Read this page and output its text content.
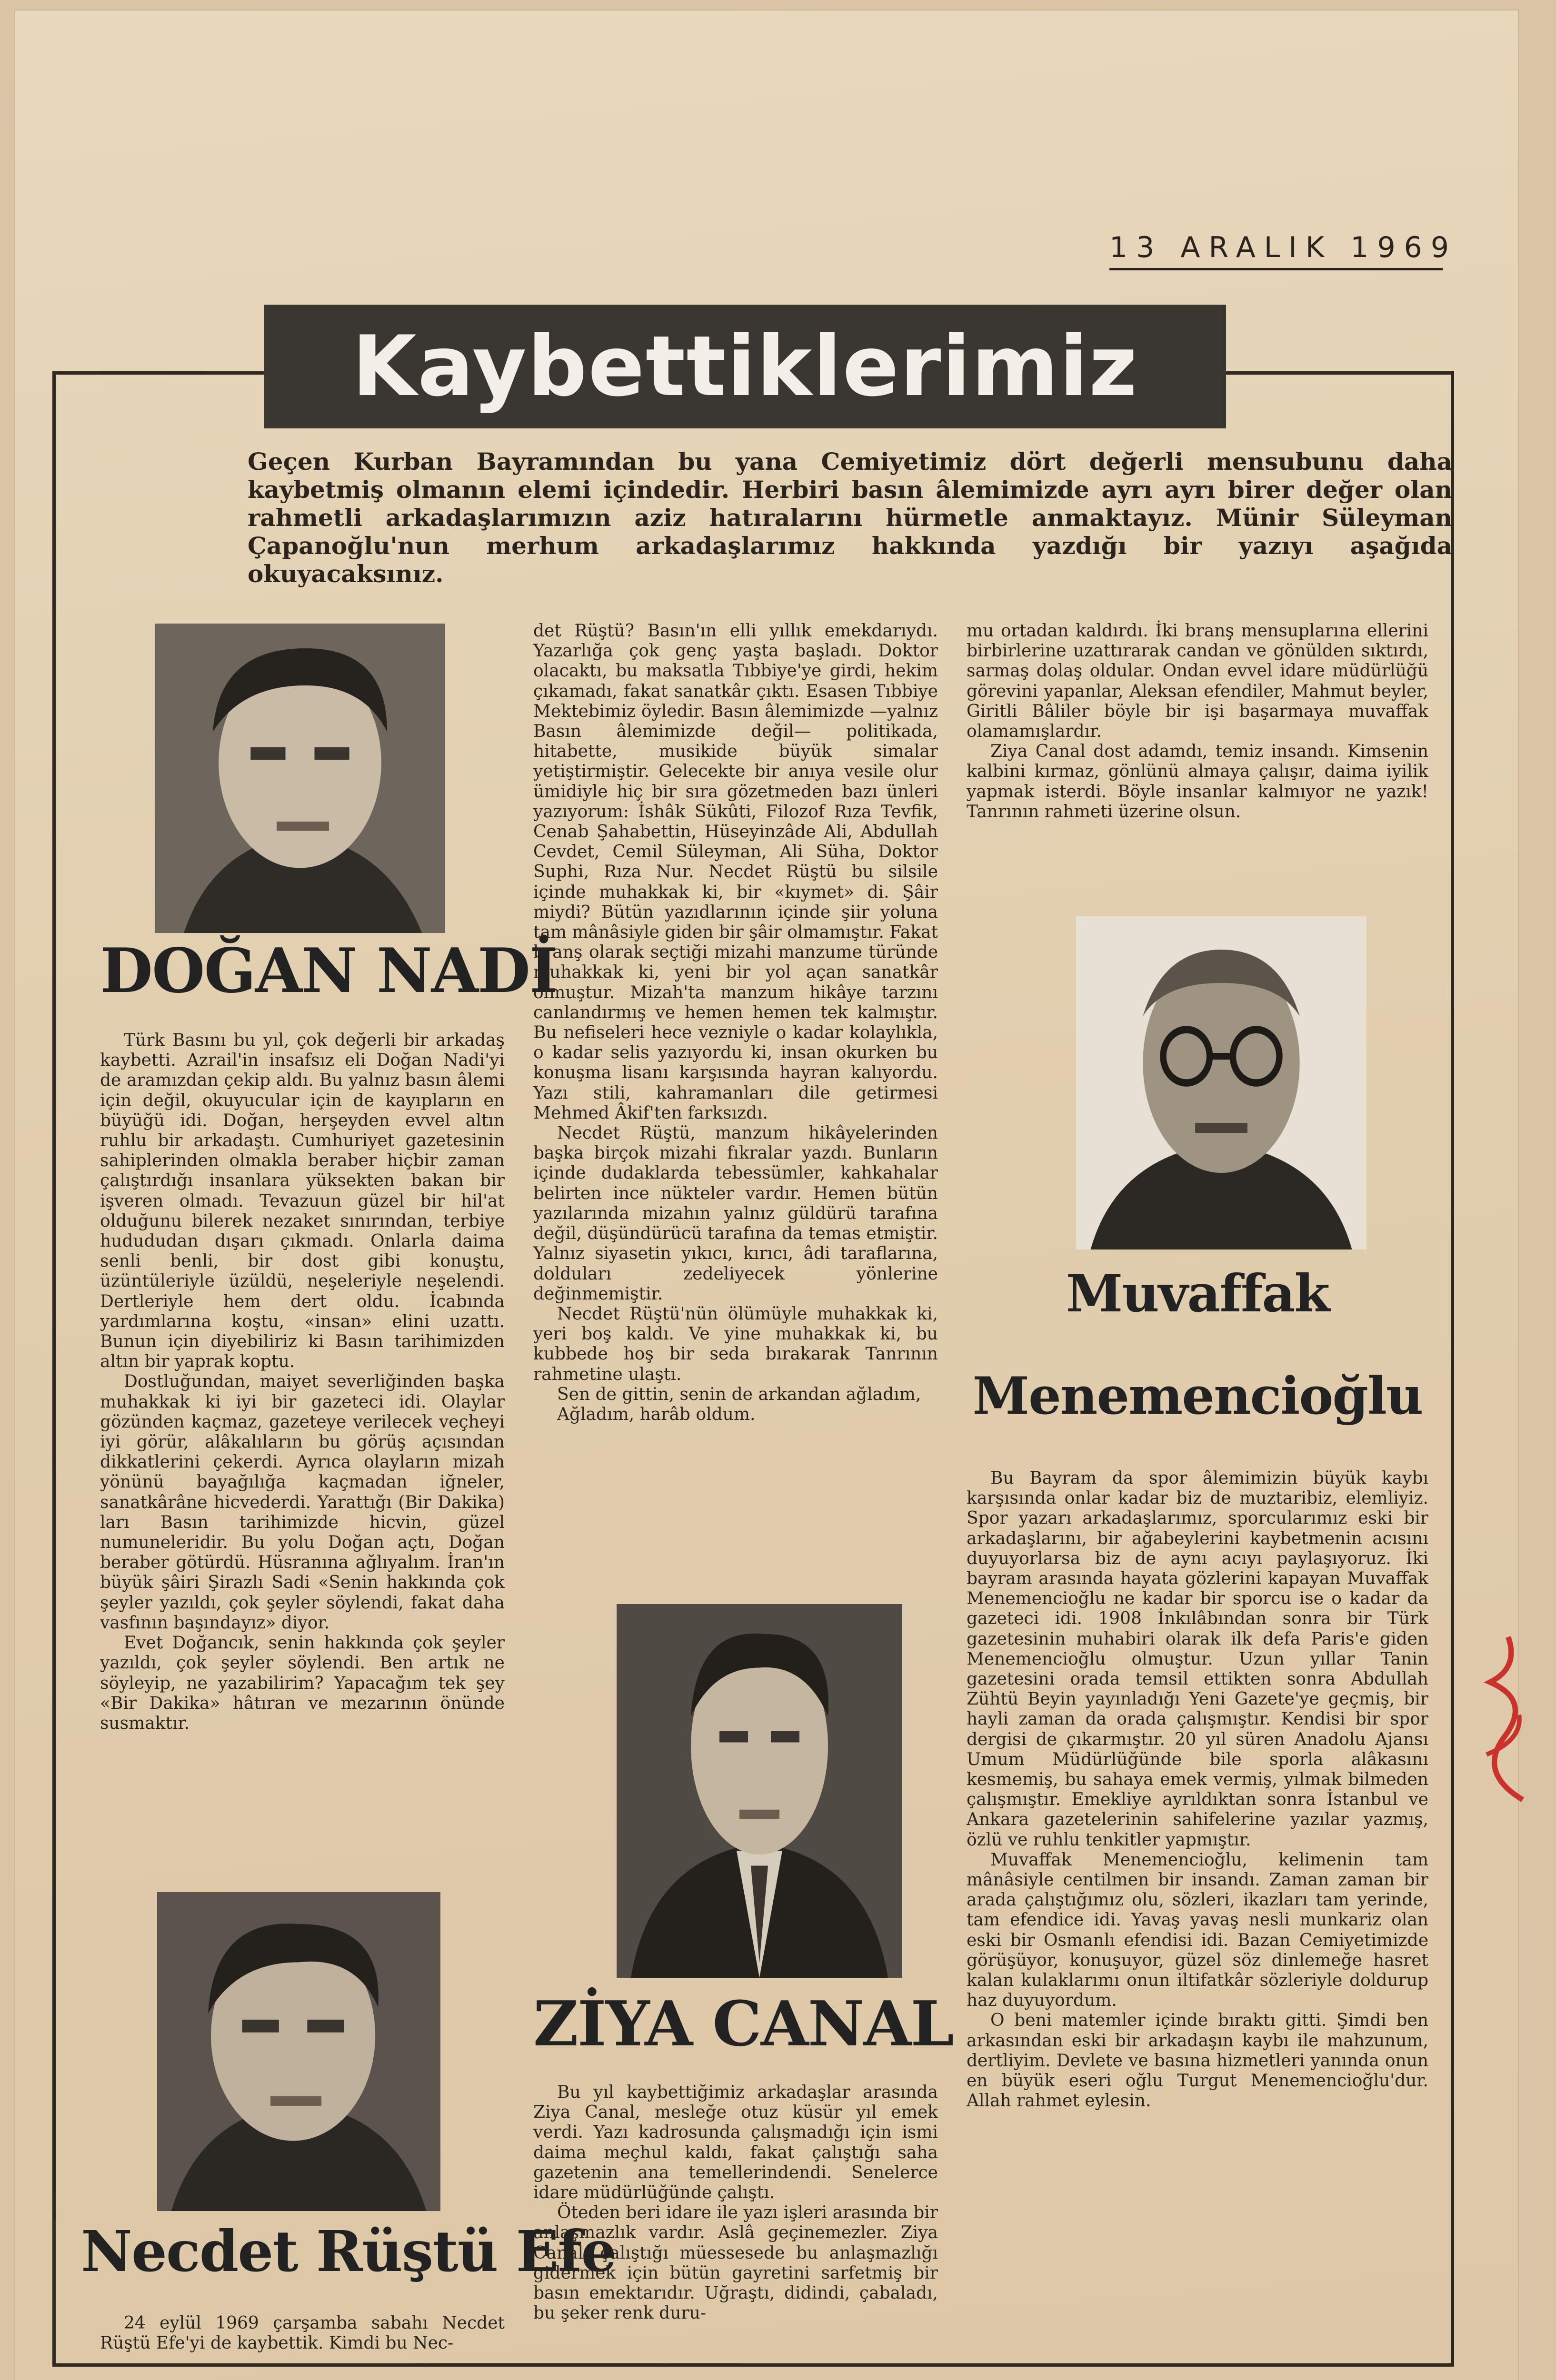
13 ARALIK 1969
Kaybettiklerimiz
Geçen Kurban Bayramından bu yana Cemiyetimiz dört değerli mensubunu daha kaybetmiş olmanın elemi içindedir. Herbiri basın âlemimizde ayrı ayrı birer değer olan rahmetli arkadaşlarımızın aziz hatıralarını hürmetle anmaktayız. Münir Süleyman Çapanoğlu'nun merhum arkadaşlarımız hakkında yazdığı bir yazıyı aşağıda okuyacaksınız.
DOĞAN NADİ

Türk Basını bu yıl, çok değerli bir arkadaş kaybetti. Azrail'in insafsız eli Doğan Nadi'yi de aramızdan çekip aldı. Bu yalnız basın âlemi için değil, okuyucular için de kayıpların en büyüğü idi. Doğan, herşeyden evvel altın ruhlu bir arkadaştı. Cumhuriyet gazetesinin sahiplerinden olmakla beraber hiçbir zaman çalıştırdığı insanlara yüksekten bakan bir işveren olmadı. Tevazuun güzel bir hil'at olduğunu bilerek nezaket sınırından, terbiye hudududan dışarı çıkmadı. Onlarla daima senli benli, bir dost gibi konuştu, üzüntüleriyle üzüldü, neşeleriyle neşelendi. Dertleriyle hem dert oldu. İcabında yardımlarına koştu, «insan» elini uzattı. Bunun için diyebiliriz ki Basın tarihimizden altın bir yaprak koptu.

Dostluğundan, maiyet severliğinden başka muhakkak ki iyi bir gazeteci idi. Olaylar gözünden kaçmaz, gazeteye verilecek veçheyi iyi görür, alâkalıların bu görüş açısından dikkatlerini çekerdi. Ayrıca olayların mizah yönünü bayağılığa kaçmadan iğneler, sanatkârâne hicvederdi. Yarattığı (Bir Dakika) ları Basın tarihimizde hicvin, güzel numuneleridir. Bu yolu Doğan açtı, Doğan beraber götürdü. Hüsranına ağlıyalım. İran'ın büyük şâiri Şirazlı Sadi «Senin hakkında çok şeyler yazıldı, çok şeyler söylendi, fakat daha vasfının başındayız» diyor.

Evet Doğancık, senin hakkında çok şeyler yazıldı, çok şeyler söylendi. Ben artık ne söyleyip, ne yazabilirim? Yapacağım tek şey «Bir Dakika» hâtıran ve mezarının önünde susmaktır.

Necdet Rüştü Efe

24 eylül 1969 çarşamba sabahı Necdet Rüştü Efe'yi de kaybettik. Kimdi bu Nec-

det Rüştü? Basın'ın elli yıllık emekdarıydı. Yazarlığa çok genç yaşta başladı. Doktor olacaktı, bu maksatla Tıbbiye'ye girdi, hekim çıkamadı, fakat sanatkâr çıktı. Esasen Tıbbiye Mektebimiz öyledir. Basın âlemimizde —yalnız Basın âlemimizde değil— politikada, hitabette, musikide büyük simalar yetiştirmiştir. Gelecekte bir anıya vesile olur ümidiyle hiç bir sıra gözetmeden bazı ünleri yazıyorum: İshâk Sükûti, Filozof Rıza Tevfik, Cenab Şahabettin, Hüseyinzâde Ali, Abdullah Cevdet, Cemil Süleyman, Ali Süha, Doktor Suphi, Rıza Nur. Necdet Rüştü bu silsile içinde muhakkak ki, bir «kıymet» di. Şâir miydi? Bütün yazıdlarının içinde şiir yoluna tam mânâsiyle giden bir şâir olmamıştır. Fakat branş olarak seçtiği mizahi manzume türünde muhakkak ki, yeni bir yol açan sanatkâr olmuştur. Mizah'ta manzum hikâye tarzını canlandırmış ve hemen hemen tek kalmıştır. Bu nefiseleri hece vezniyle o kadar kolaylıkla, o kadar selis yazıyordu ki, insan okurken bu konuşma lisanı karşısında hayran kalıyordu. Yazı stili, kahramanları dile getirmesi Mehmed Âkif'ten farksızdı.

Necdet Rüştü, manzum hikâyelerinden başka birçok mizahi fıkralar yazdı. Bunların içinde dudaklarda tebessümler, kahkahalar belirten ince nükteler vardır. Hemen bütün yazılarında mizahın yalnız güldürü tarafına değil, düşündürücü tarafına da temas etmiştir. Yalnız siyasetin yıkıcı, kırıcı, âdi taraflarına, dolduları zedeliyecek yönlerine değinmemiştir.

Necdet Rüştü'nün ölümüyle muhakkak ki, yeri boş kaldı. Ve yine muhakkak ki, bu kubbede hoş bir seda bırakarak Tanrının rahmetine ulaştı.

Sen de gittin, senin de arkandan ağladım,

Ağladım, harâb oldum.

ZİYA CANAL

Bu yıl kaybettiğimiz arkadaşlar arasında Ziya Canal, mesleğe otuz küsür yıl emek verdi. Yazı kadrosunda çalışmadığı için ismi daima meçhul kaldı, fakat çalıştığı saha gazetenin ana temellerindendi. Senelerce idare müdürlüğünde çalıştı.

Öteden beri idare ile yazı işleri arasında bir anlaşmazlık vardır. Aslâ geçinemezler. Ziya Canal, çalıştığı müessesede bu anlaşmazlığı gidermek için bütün gayretini sarfetmiş bir basın emektarıdır. Uğraştı, didindi, çabaladı, bu şeker renk duru-

mu ortadan kaldırdı. İki branş mensuplarına ellerini birbirlerine uzattırarak candan ve gönülden sıktırdı, sarmaş dolaş oldular. Ondan evvel idare müdürlüğü görevini yapanlar, Aleksan efendiler, Mahmut beyler, Giritli Bâliler böyle bir işi başarmaya muvaffak olamamışlardır.

Ziya Canal dost adamdı, temiz insandı. Kimsenin kalbini kırmaz, gönlünü almaya çalışır, daima iyilik yapmak isterdi. Böyle insanlar kalmıyor ne yazık! Tanrının rahmeti üzerine olsun.

Muvaffak
Menemencioğlu

Bu Bayram da spor âlemimizin büyük kaybı karşısında onlar kadar biz de muztaribiz, elemliyiz. Spor yazarı arkadaşlarımız, sporcularımız eski bir arkadaşlarını, bir ağabeylerini kaybetmenin acısını duyuyorlarsa biz de aynı acıyı paylaşıyoruz. İki bayram arasında hayata gözlerini kapayan Muvaffak Menemencioğlu ne kadar bir sporcu ise o kadar da gazeteci idi. 1908 İnkılâbından sonra bir Türk gazetesinin muhabiri olarak ilk defa Paris'e giden Menemencioğlu olmuştur. Uzun yıllar Tanin gazetesini orada temsil ettikten sonra Abdullah Zühtü Beyin yayınladığı Yeni Gazete'ye geçmiş, bir hayli zaman da orada çalışmıştır. Kendisi bir spor dergisi de çıkarmıştır. 20 yıl süren Anadolu Ajansı Umum Müdürlüğünde bile sporla alâkasını kesmemiş, bu sahaya emek vermiş, yılmak bilmeden çalışmıştır. Emekliye ayrıldıktan sonra İstanbul ve Ankara gazetelerinin sahifelerine yazılar yazmış, özlü ve ruhlu tenkitler yapmıştır.

Muvaffak Menemencioğlu, kelimenin tam mânâsiyle centilmen bir insandı. Zaman zaman bir arada çalıştığımız olu, sözleri, ikazları tam yerinde, tam efendice idi. Yavaş yavaş nesli munkariz olan eski bir Osmanlı efendisi idi. Bazan Cemiyetimizde görüşüyor, konuşuyor, güzel söz dinlemeğe hasret kalan kulaklarımı onun iltifatkâr sözleriyle doldurup haz duyuyordum.

O beni matemler içinde bıraktı gitti. Şimdi ben arkasından eski bir arkadaşın kaybı ile mahzunum, dertliyim. Devlete ve basına hizmetleri yanında onun en büyük eseri oğlu Turgut Menemencioğlu'dur. Allah rahmet eylesin.
